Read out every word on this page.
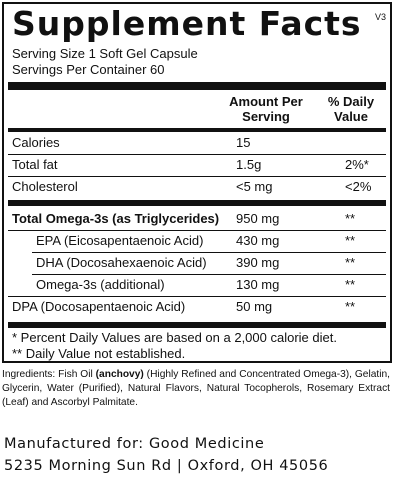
Supplement Facts V3
Serving Size 1 Soft Gel Capsule
Servings Per Container 60
Amount Per
Serving
% Daily
Value
Calories	15
Total fat	1.5g	2%*
Cholesterol	<5 mg	<2%
Total Omega-3s (as Triglycerides) 950 mg	**
EPA (Eicosapentaenoic Acid)	430 mg	**
DHA (Docosahexaenoic Acid) 390 mg	**
Omega-3s (additional)	130 mg	**
DPA (Docosapentaenoic Acid)	50 mg	**
* Percent Daily Values are based on a 2,000 calorie diet.
** Daily Value not established.
Ingredients: Fish Oil (anchovy) (Highly Refined and Concentrated Omega-3), Gelatin, Glycerin, Water (Purified), Natural Flavors, Natural Tocopherols, Rosemary Extract (Leaf) and Ascorbyl Palmitate.
Manufactured for: Good Medicine
5235 Morning Sun Rd | Oxford, OH 45056
